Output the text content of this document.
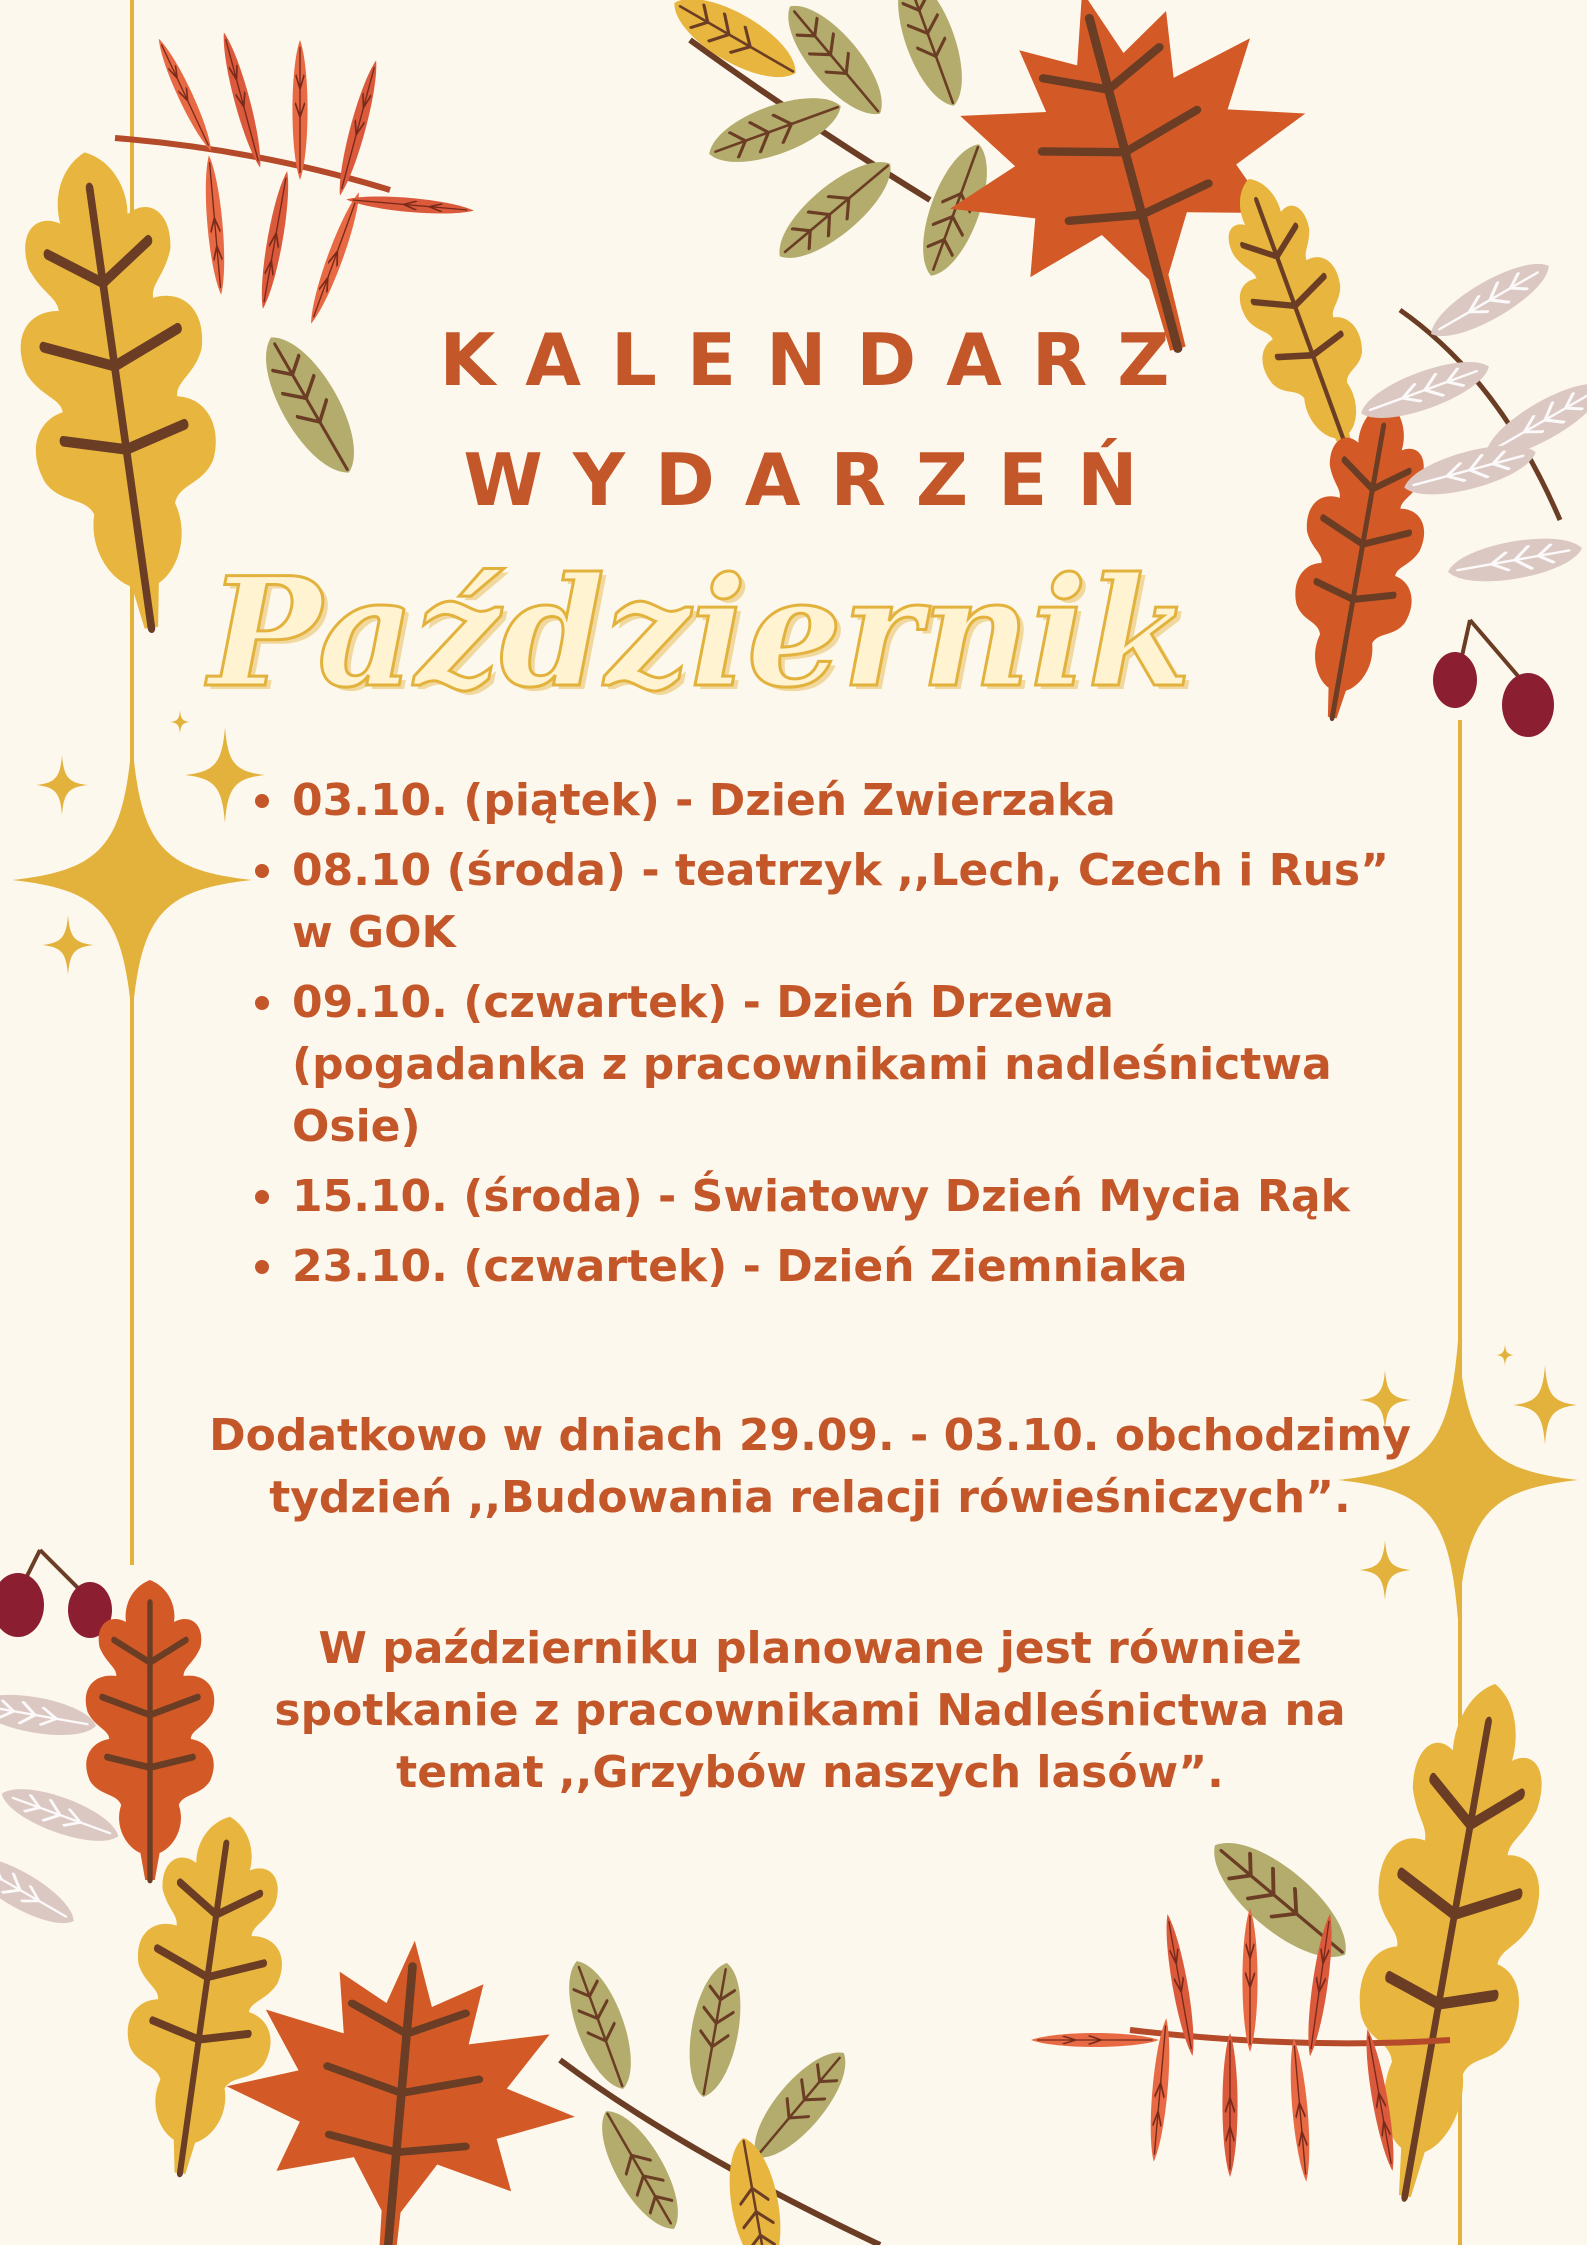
KALENDARZ
WYDARZEŃ
Październik
03.10. (piątek) - Dzień Zwierzaka
08.10 (środa) - teatrzyk ,,Lech, Czech i Rus”
w GOK
09.10. (czwartek) - Dzień Drzewa
(pogadanka z pracownikami nadleśnictwa
Osie)
15.10. (środa) - Światowy Dzień Mycia Rąk
23.10. (czwartek) - Dzień Ziemniaka

Dodatkowo w dniach 29.09. - 03.10. obchodzimy
tydzień ,,Budowania relacji rówieśniczych”.

W październiku planowane jest również
spotkanie z pracownikami Nadleśnictwa na
temat ,,Grzybów naszych lasów”.
